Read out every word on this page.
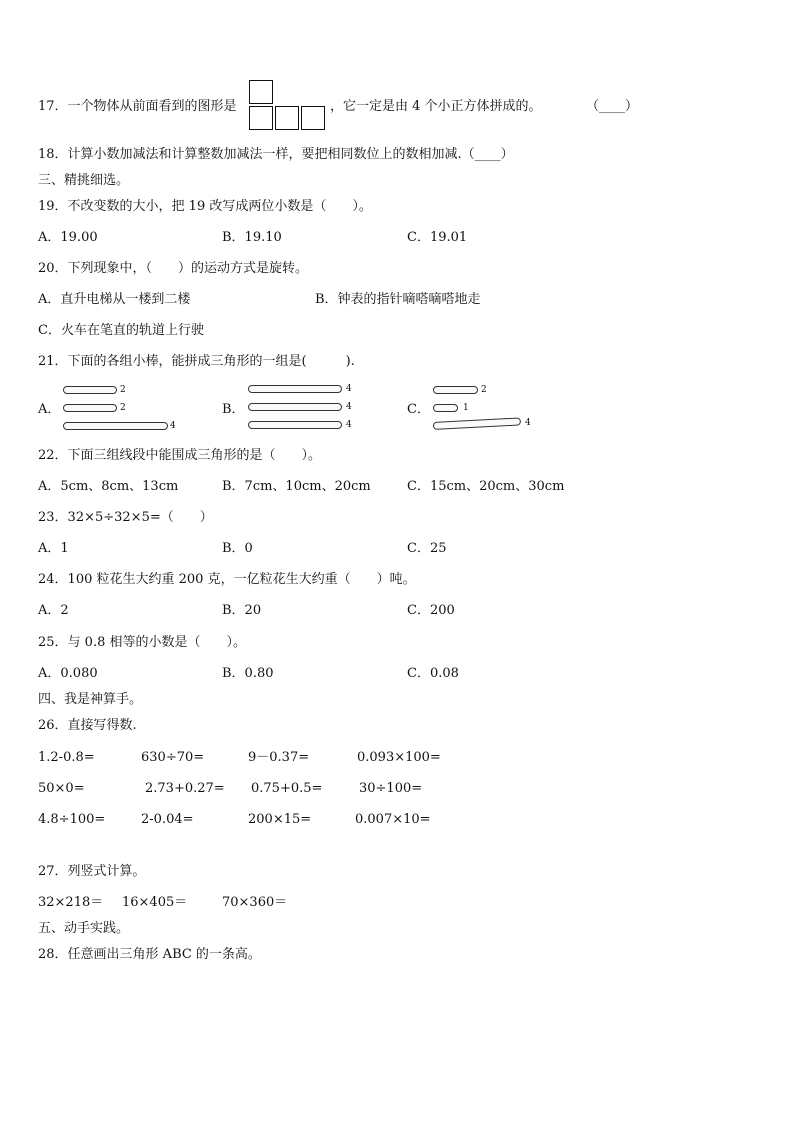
17．一个物体从前面看到的图形是	，它一定是由 4 个小正方体拼成的。	（____）
18．计算小数加减法和计算整数加减法一样，要把相同数位上的数相加减.（____）
三、精挑细选。
19．不改变数的大小，把 19 改写成两位小数是（　　）。
A．19.00	B．19.10	C．19.01
20．下列现象中，（　　）的运动方式是旋转。
A．直升电梯从一楼到二楼	B．钟表的指针嘀嗒嘀嗒地走
C．火车在笔直的轨道上行驶
21．下面的各组小棒，能拼成三角形的一组是(　　　).
A．	B．	C．
2
2
4
4
4
4
2
1
4
22．下面三组线段中能围成三角形的是（　　）。
A．5cm、8cm、13cm	B．7cm、10cm、20cm	C．15cm、20cm、30cm
23．32×5÷32×5=（　　）
A．1	B．0	C．25
24．100 粒花生大约重 200 克，一亿粒花生大约重（　　）吨。
A．2	B．20	C．200
25．与 0.8 相等的小数是（　　）。
A．0.080	B．0.80	C．0.08
四、我是神算手。
26．直接写得数.
1.2-0.8=	630÷70=	9－0.37=	0.093×100=
50×0=	2.73+0.27= 0.75+0.5=	30÷100=
4.8÷100=	2-0.04=	200×15=	0.007×10=
27．列竖式计算。
32×218＝ 16×405＝	70×360＝
五、动手实践。
28．任意画出三角形 ABC 的一条高。
